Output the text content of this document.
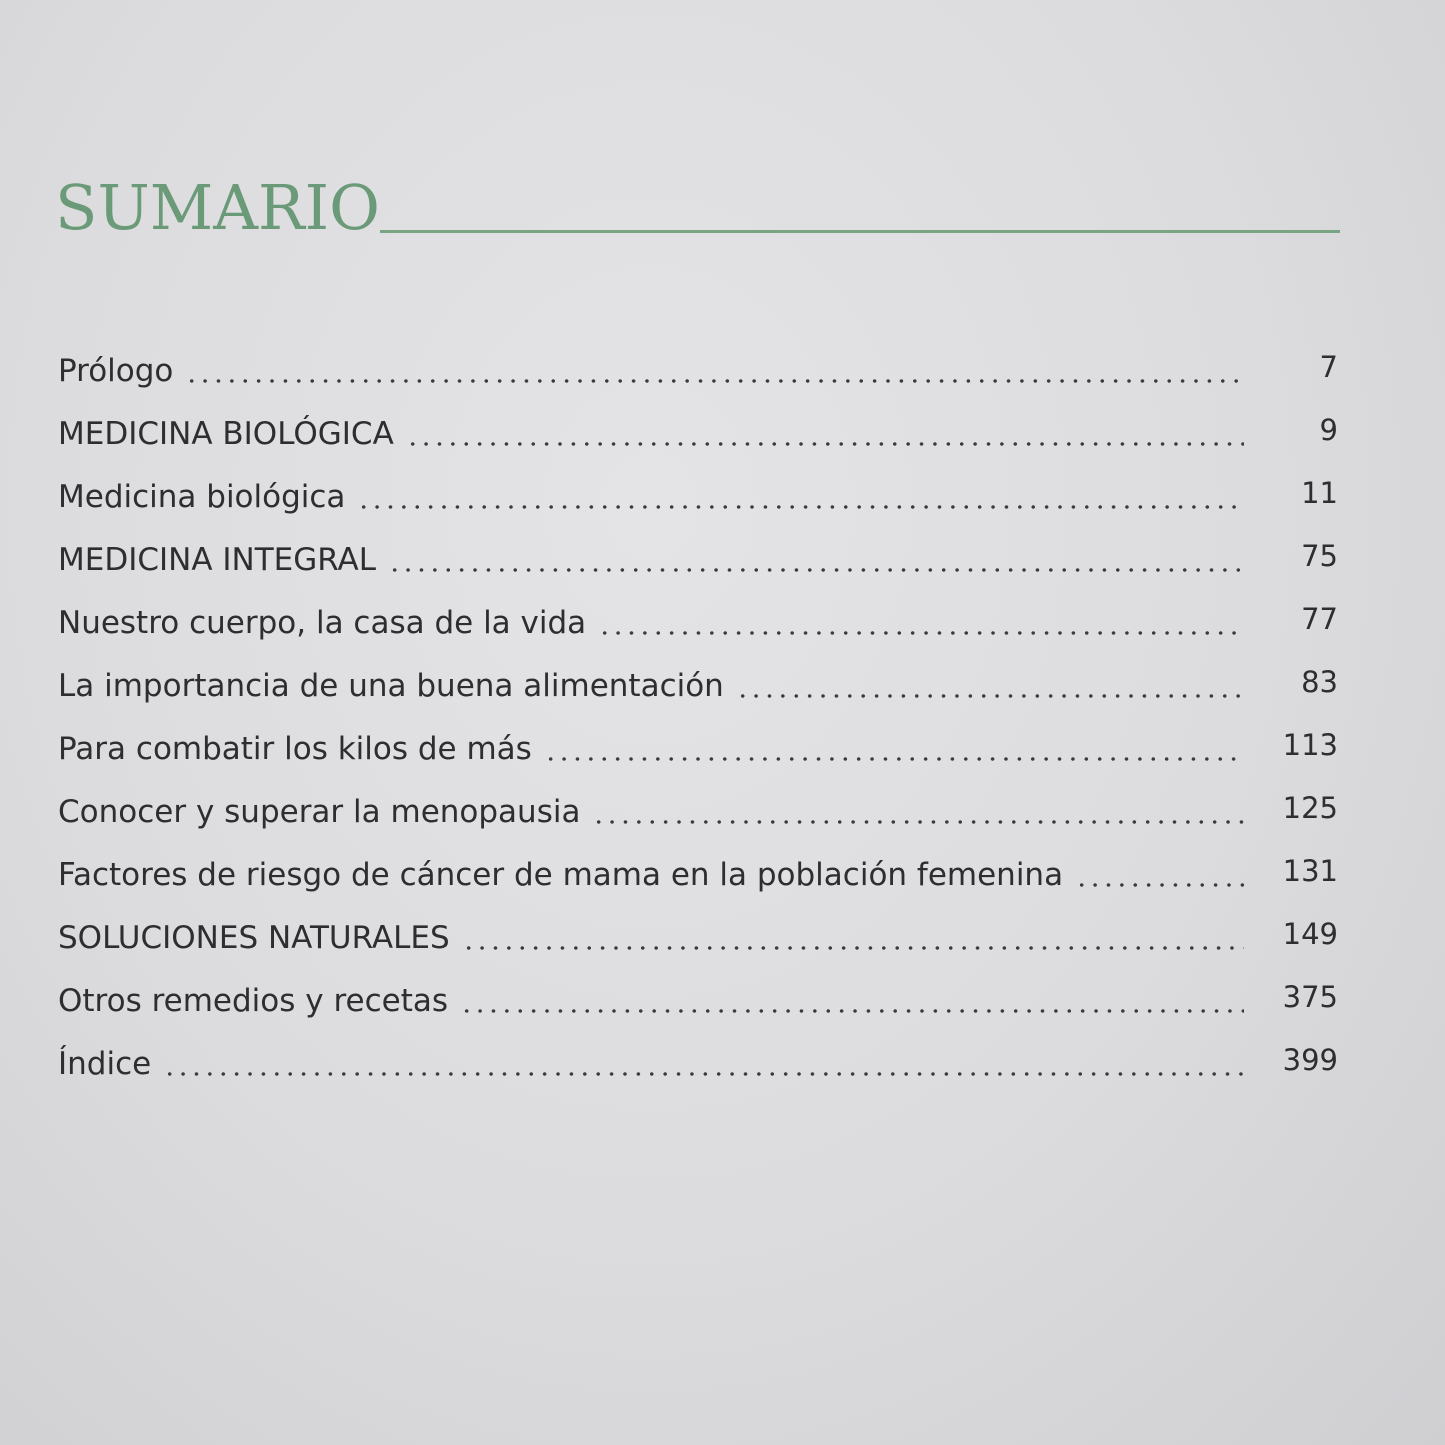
SUMARIO
Prólogo	7
MEDICINA BIOLÓGICA	9
Medicina biológica	11
MEDICINA INTEGRAL	75
Nuestro cuerpo, la casa de la vida	77
La importancia de una buena alimentación	83
Para combatir los kilos de más	113
Conocer y superar la menopausia	125
Factores de riesgo de cáncer de mama en la población femenina	131
SOLUCIONES NATURALES	149
Otros remedios y recetas	375
Índice	399
